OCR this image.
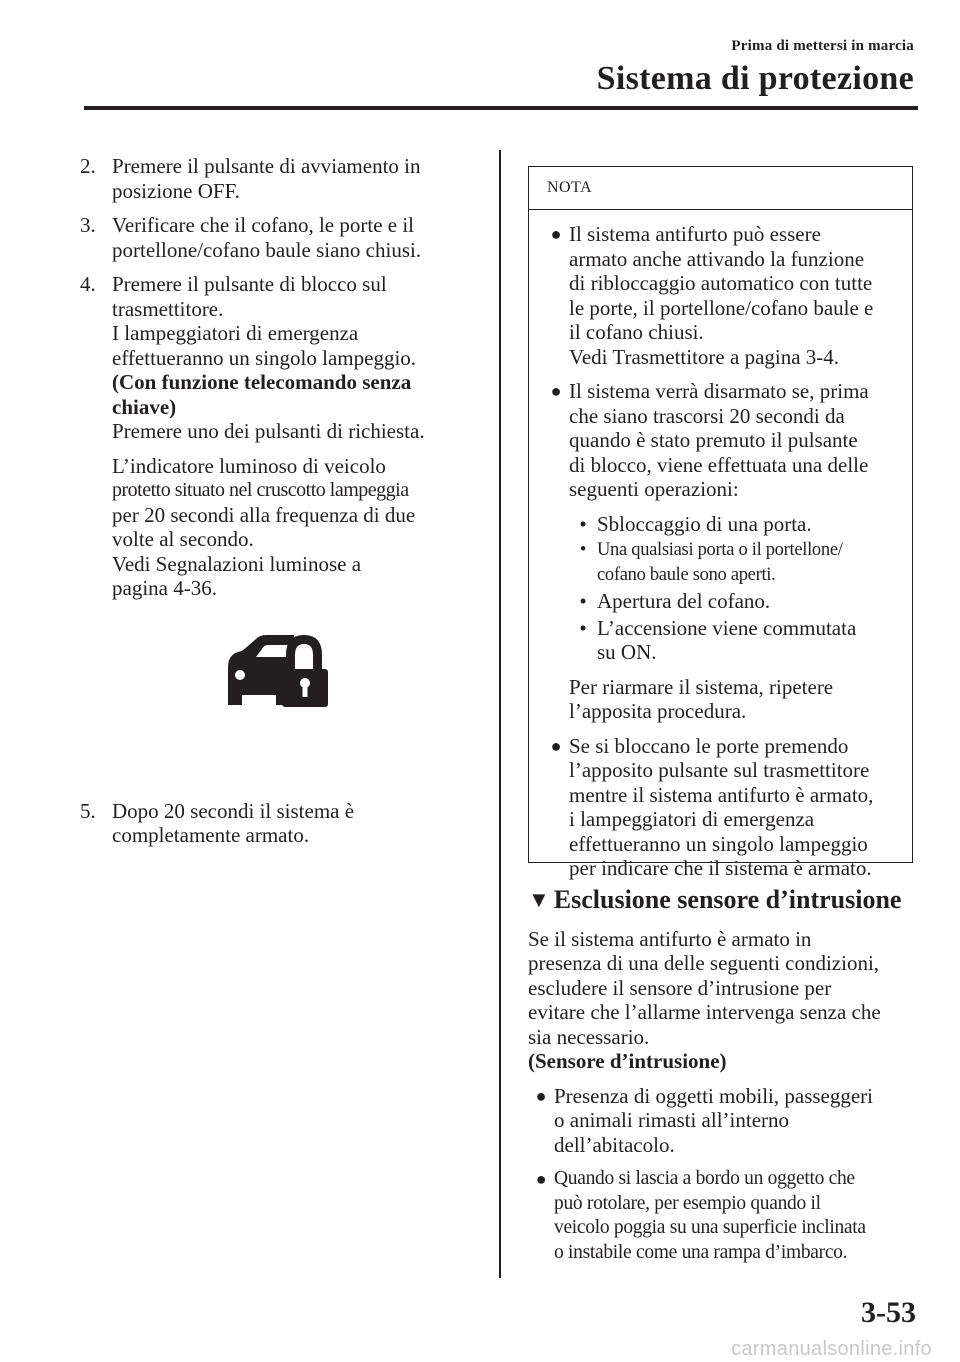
Prima di mettersi in marcia
Sistema di protezione
2. Premere il pulsante di avviamento in

posizione OFF.

3. Verificare che il cofano, le porte e il

portellone/cofano baule siano chiusi.

4. Premere il pulsante di blocco sul

trasmettitore.

I lampeggiatori di emergenza

effettueranno un singolo lampeggio.

(Con funzione telecomando senza

chiave)

Premere uno dei pulsanti di richiesta.

L’indicatore luminoso di veicolo

protetto situato nel cruscotto lampeggia

per 20 secondi alla frequenza di due

volte al secondo.

Vedi Segnalazioni luminose a

pagina 4-36.

5. Dopo 20 secondi il sistema è

completamente armato.

NOTA
● Il sistema antifurto può essere

armato anche attivando la funzione

di ribloccaggio automatico con tutte

le porte, il portellone/cofano baule e

il cofano chiusi.

Vedi Trasmettitore a pagina 3-4.

● Il sistema verrà disarmato se, prima

che siano trascorsi 20 secondi da

quando è stato premuto il pulsante

di blocco, viene effettuata una delle

seguenti operazioni:

• Sbloccaggio di una porta.

• Una qualsiasi porta o il portellone/

cofano baule sono aperti.

• Apertura del cofano.

• L’accensione viene commutata

su ON.

Per riarmare il sistema, ripetere

l’apposita procedura.

● Se si bloccano le porte premendo

l’apposito pulsante sul trasmettitore

mentre il sistema antifurto è armato,

i lampeggiatori di emergenza

effettueranno un singolo lampeggio

per indicare che il sistema è armato.

▼ Esclusione sensore d’intrusione

Se il sistema antifurto è armato in

presenza di una delle seguenti condizioni,

escludere il sensore d’intrusione per

evitare che l’allarme intervenga senza che

sia necessario.

(Sensore d’intrusione)

● Presenza di oggetti mobili, passeggeri

o animali rimasti all’interno

dell’abitacolo.

● Quando si lascia a bordo un oggetto che

può rotolare, per esempio quando il

veicolo poggia su una superficie inclinata

o instabile come una rampa d’imbarco.

3-53
carmanualsonline.info
